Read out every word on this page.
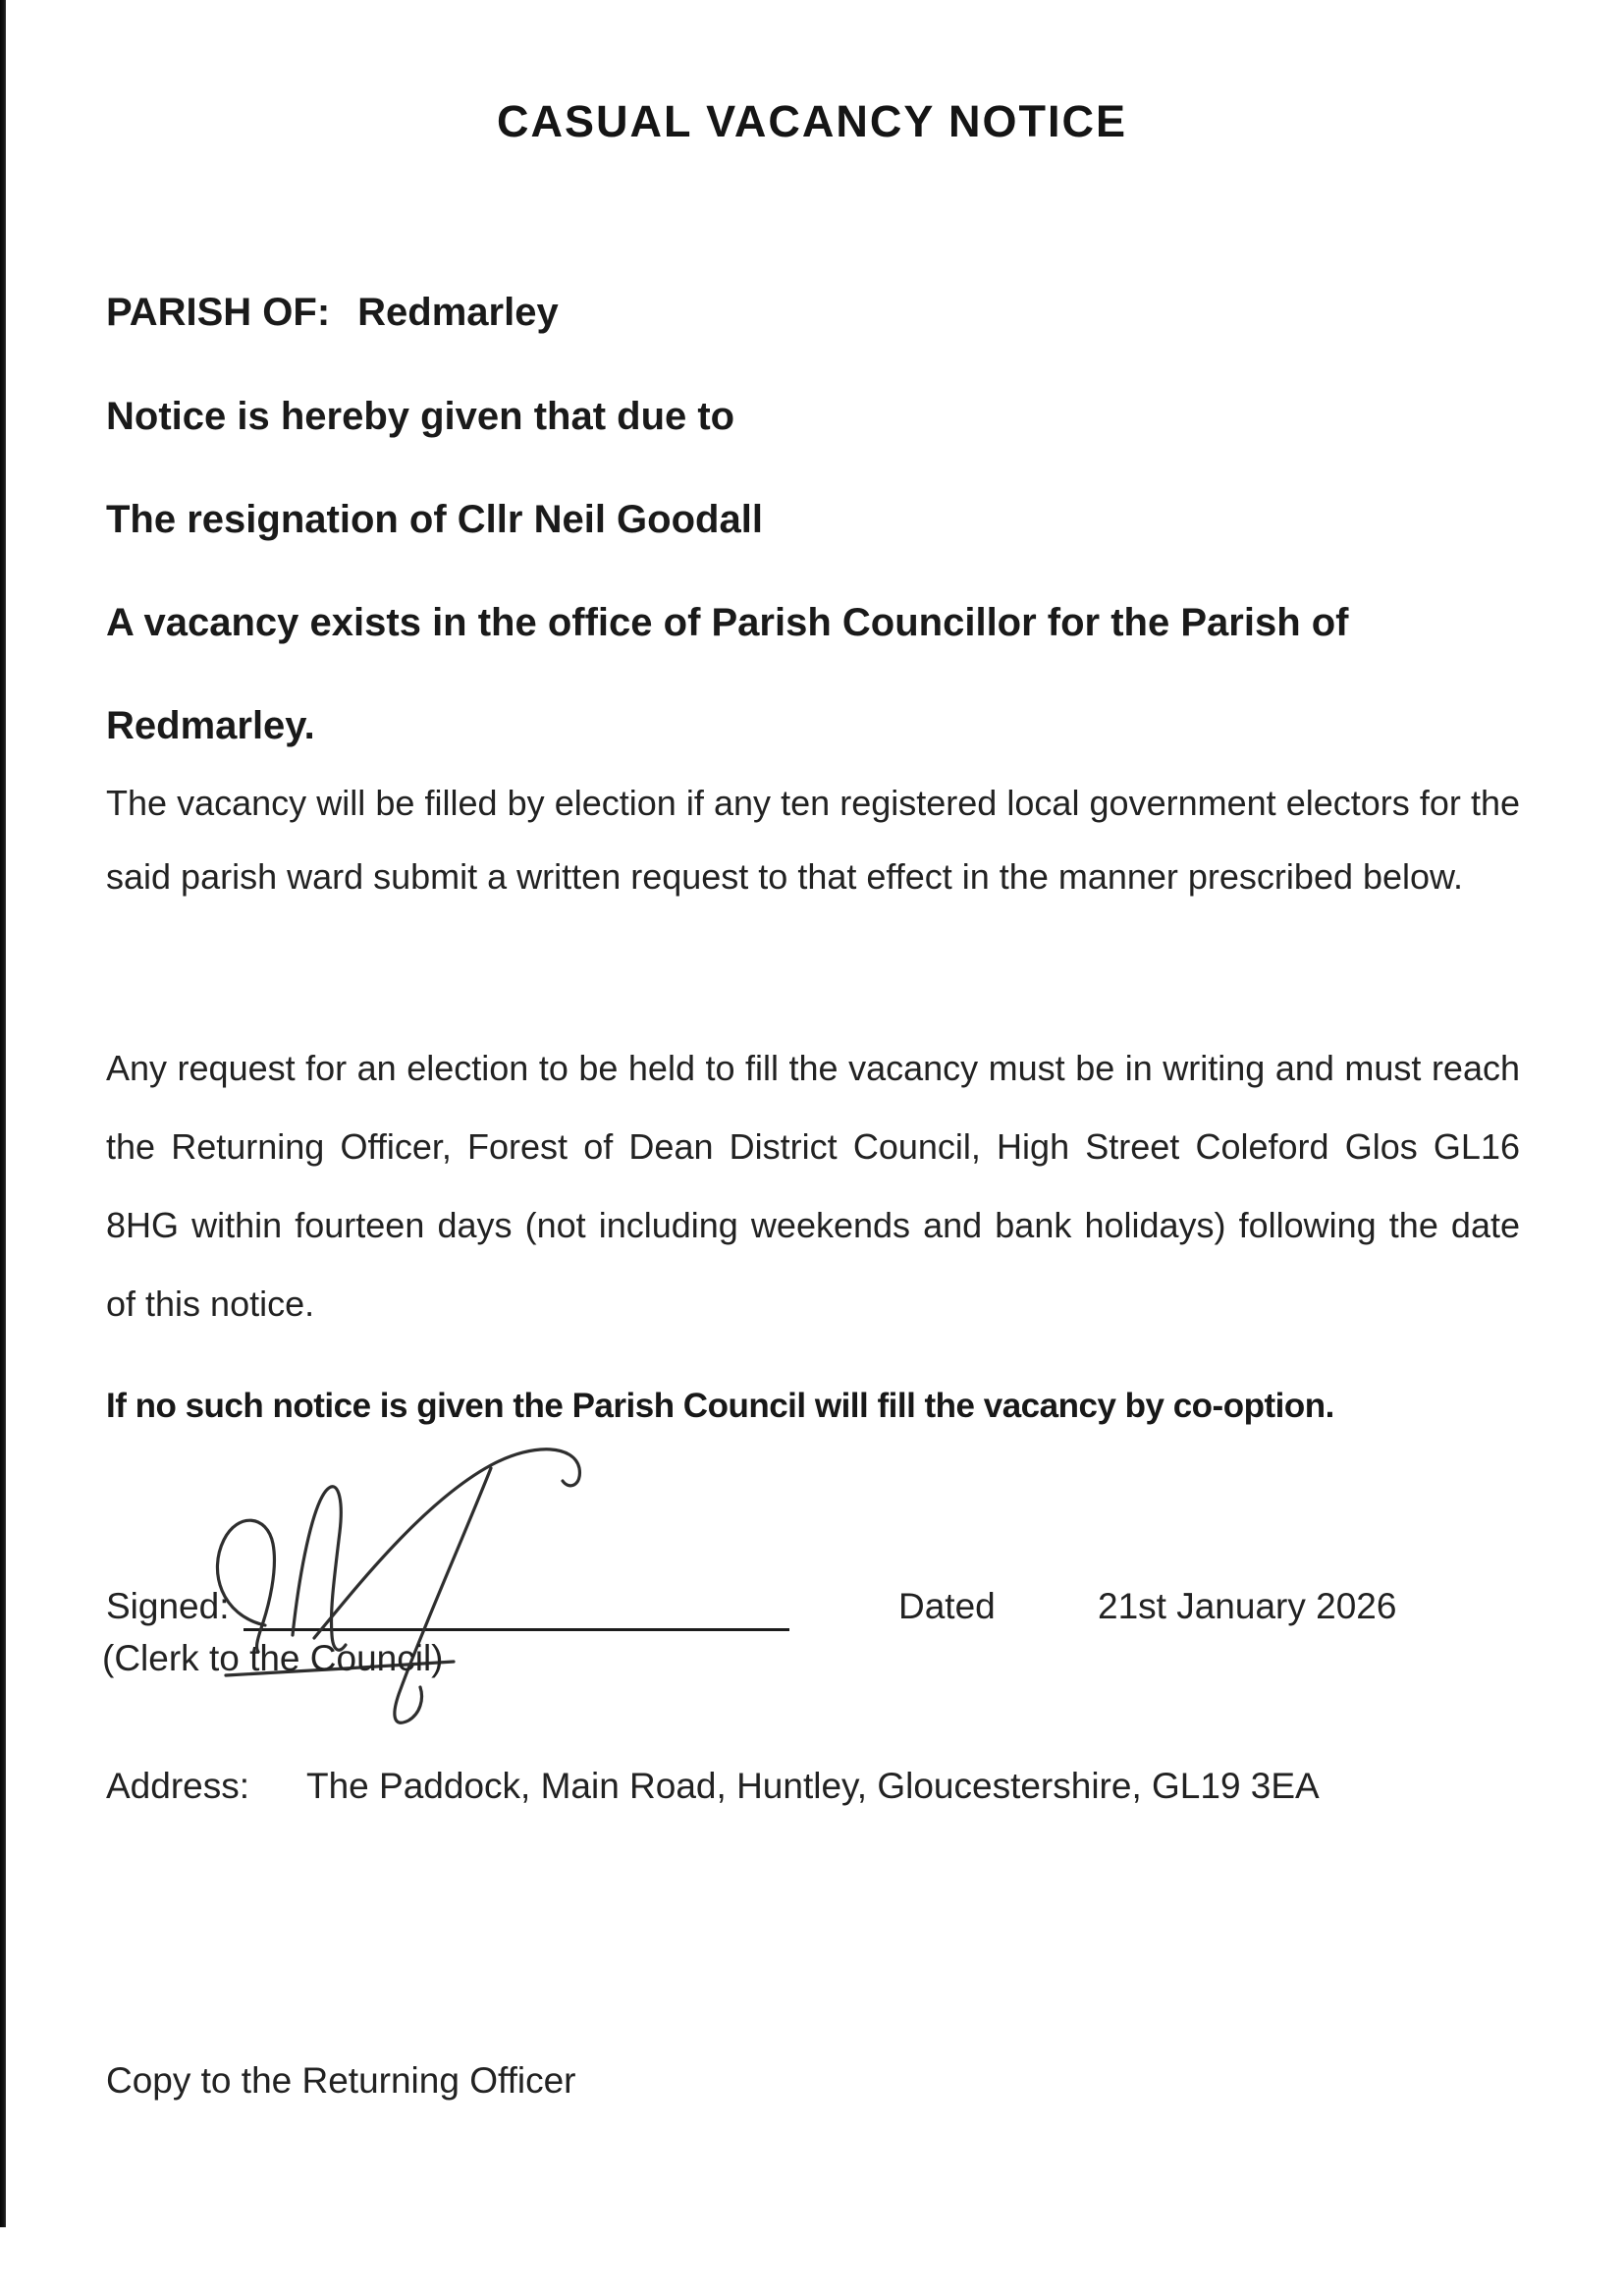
CASUAL VACANCY NOTICE
PARISH OF: Redmarley
Notice is hereby given that due to
The resignation of Cllr Neil Goodall
A vacancy exists in the office of Parish Councillor for the Parish of
Redmarley.
The vacancy will be filled by election if any ten registered local government electors for the said parish ward submit a written request to that effect in the manner prescribed below.
Any request for an election to be held to fill the vacancy must be in writing and must reach the Returning Officer, Forest of Dean District Council, High Street Coleford Glos GL16 8HG within fourteen days (not including weekends and bank holidays) following the date of this notice.
If no such notice is given the Parish Council will fill the vacancy by co-option.
Signed:
(Clerk to the Council)
Dated	21st January 2026
Address: The Paddock, Main Road, Huntley, Gloucestershire, GL19 3EA
Copy to the Returning Officer
